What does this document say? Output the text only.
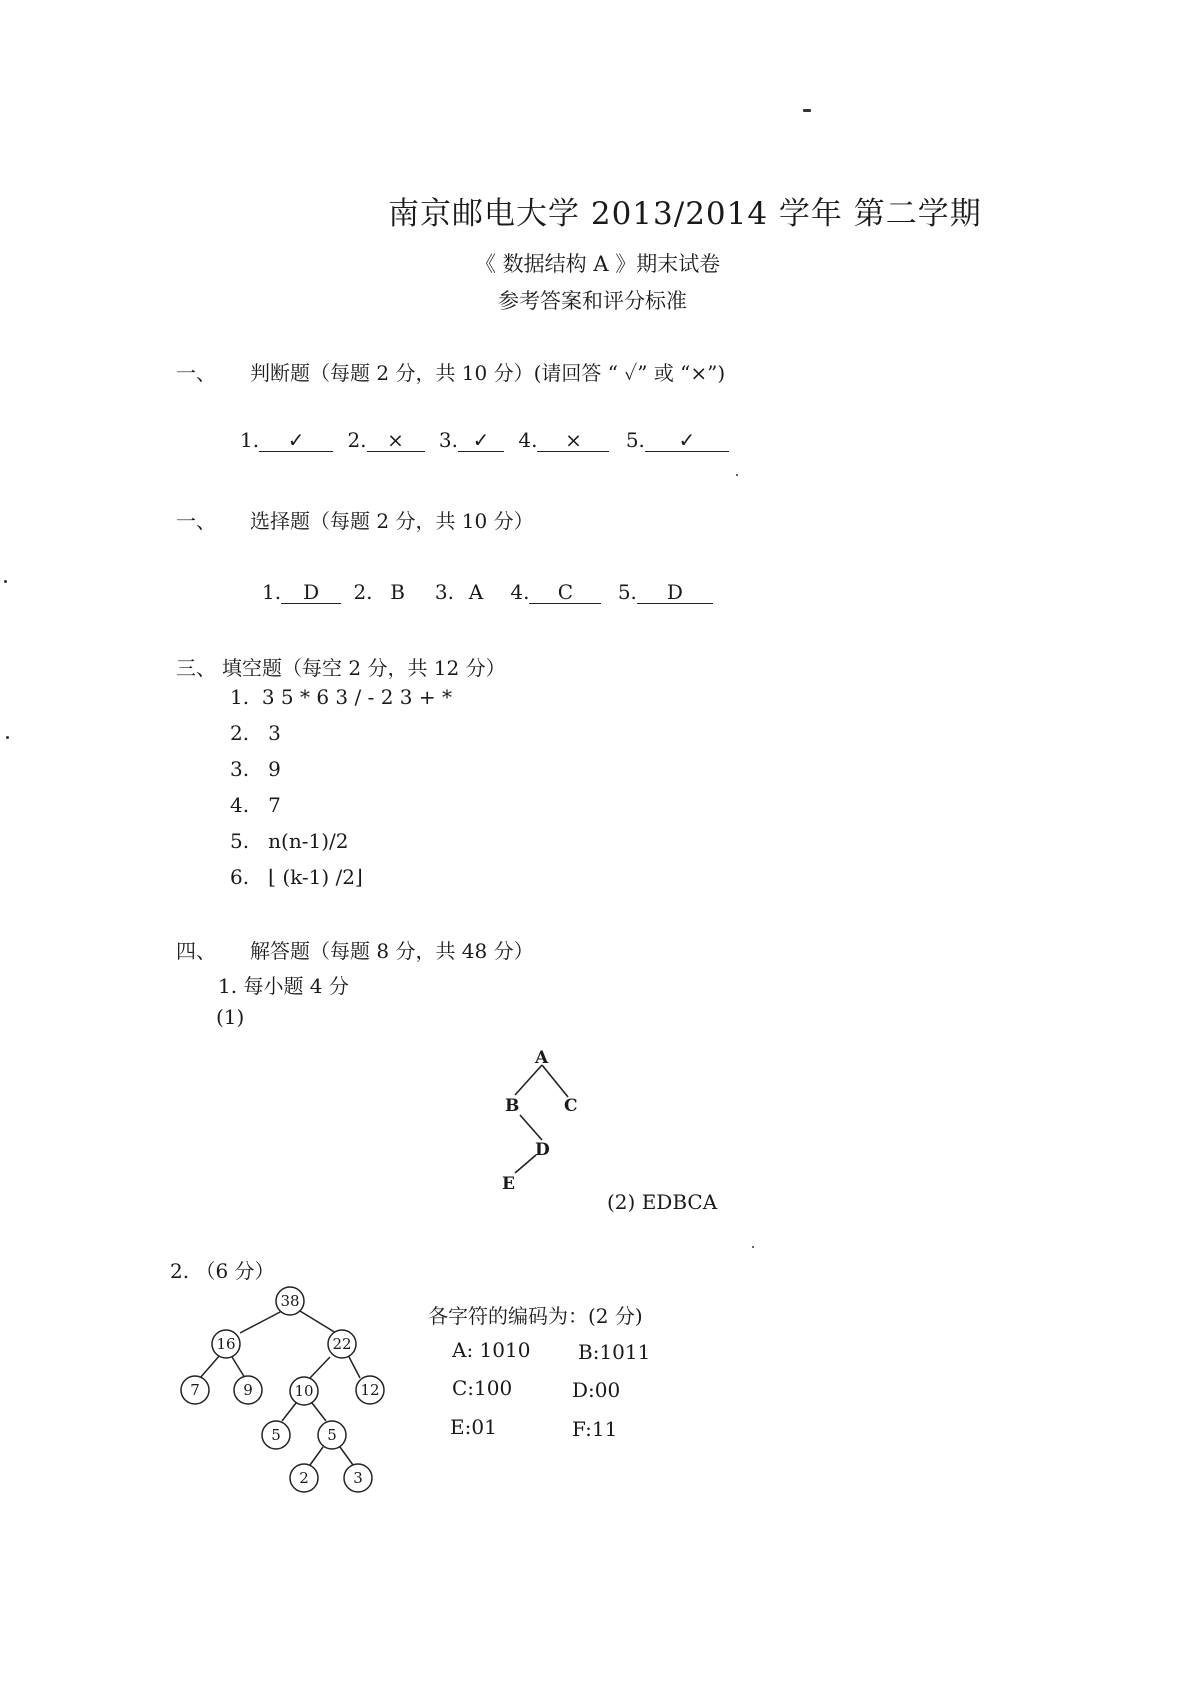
南京邮电大学 2013/2014 学年 第二学期
《 数据结构 A 》期末试卷
参考答案和评分标准
一、 判断题（每题 2 分，共 10 分）(请回答 “ ✓” 或 “×”)
1. ✓ 2. × 3. ✓ 4. × 5. ✓
一、 选择题（每题 2 分，共 10 分）
1. D 2. B 3. A 4. C 5. D
三、 填空题（每空 2 分，共 12 分）
1. 3 5 * 6 3 / - 2 3 + *
2. 3
3. 9
4. 7
5. n(n-1)/2
6. ⌊ (k-1) /2⌋
四、 解答题（每题 8 分，共 48 分）
1. 每小题 4 分
(1)
A
B	C
D
E
(2) EDBCA
2. （6 分）
38
16	22
7	9	10	12
5	5
2	3
各字符的编码为：(2 分)
A: 1010 B:1011
C:100	D:00
E:01	F:11
